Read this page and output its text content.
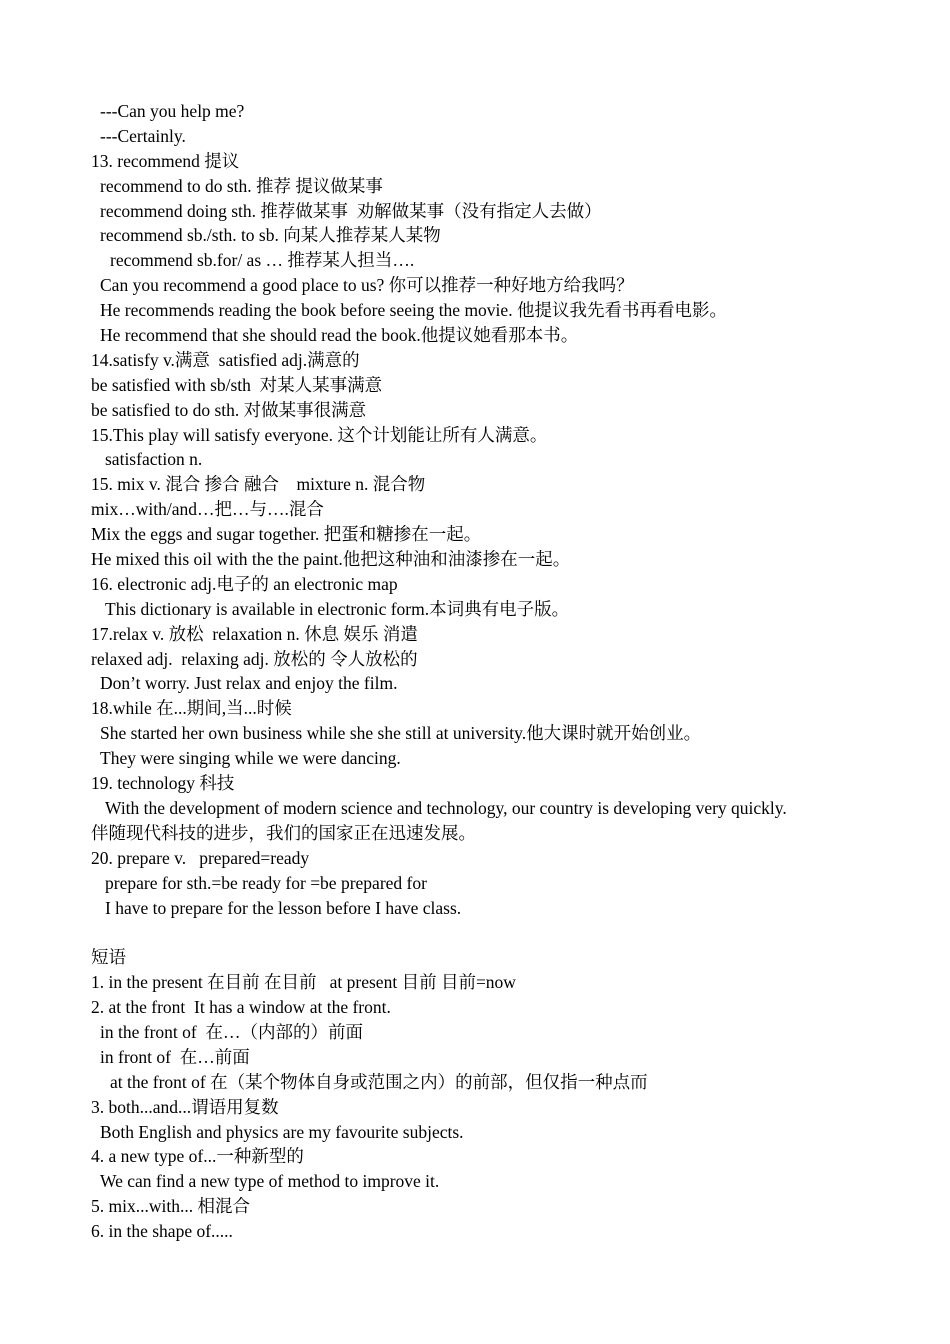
---Can you help me?
---Certainly.
13. recommend 提议
recommend to do sth. 推荐 提议做某事
recommend doing sth. 推荐做某事  劝解做某事（没有指定人去做）
recommend sb./sth. to sb. 向某人推荐某人某物
recommend sb.for/ as … 推荐某人担当….
Can you recommend a good place to us? 你可以推荐一种好地方给我吗？
He recommends reading the book before seeing the movie. 他提议我先看书再看电影。
He recommend that she should read the book.他提议她看那本书。
14.satisfy v.满意  satisfied adj.满意的
be satisfied with sb/sth  对某人某事满意
be satisfied to do sth. 对做某事很满意
15.This play will satisfy everyone. 这个计划能让所有人满意。
satisfaction n.
15. mix v. 混合 掺合 融合    mixture n. 混合物
mix…with/and…把…与….混合
Mix the eggs and sugar together. 把蛋和糖掺在一起。
He mixed this oil with the the paint.他把这种油和油漆掺在一起。
16. electronic adj.电子的 an electronic map
This dictionary is available in electronic form.本词典有电子版。
17.relax v. 放松  relaxation n. 休息 娱乐 消遣
relaxed adj.  relaxing adj. 放松的 令人放松的
Don’t worry. Just relax and enjoy the film.
18.while 在...期间,当...时候
She started her own business while she she still at university.他大课时就开始创业。
They were singing while we were dancing.
19. technology 科技
With the development of modern science and technology, our country is developing very quickly.
伴随现代科技的进步，我们的国家正在迅速发展。
20. prepare v.   prepared=ready
prepare for sth.=be ready for =be prepared for
I have to prepare for the lesson before I have class.
短语
1. in the present 在目前 在目前   at present 目前 目前=now
2. at the front  It has a window at the front.
in the front of  在…（内部的）前面
in front of  在…前面
at the front of 在（某个物体自身或范围之内）的前部，但仅指一种点而
3. both...and...谓语用复数
Both English and physics are my favourite subjects.
4. a new type of...一种新型的
We can find a new type of method to improve it.
5. mix...with... 相混合
6. in the shape of.....
